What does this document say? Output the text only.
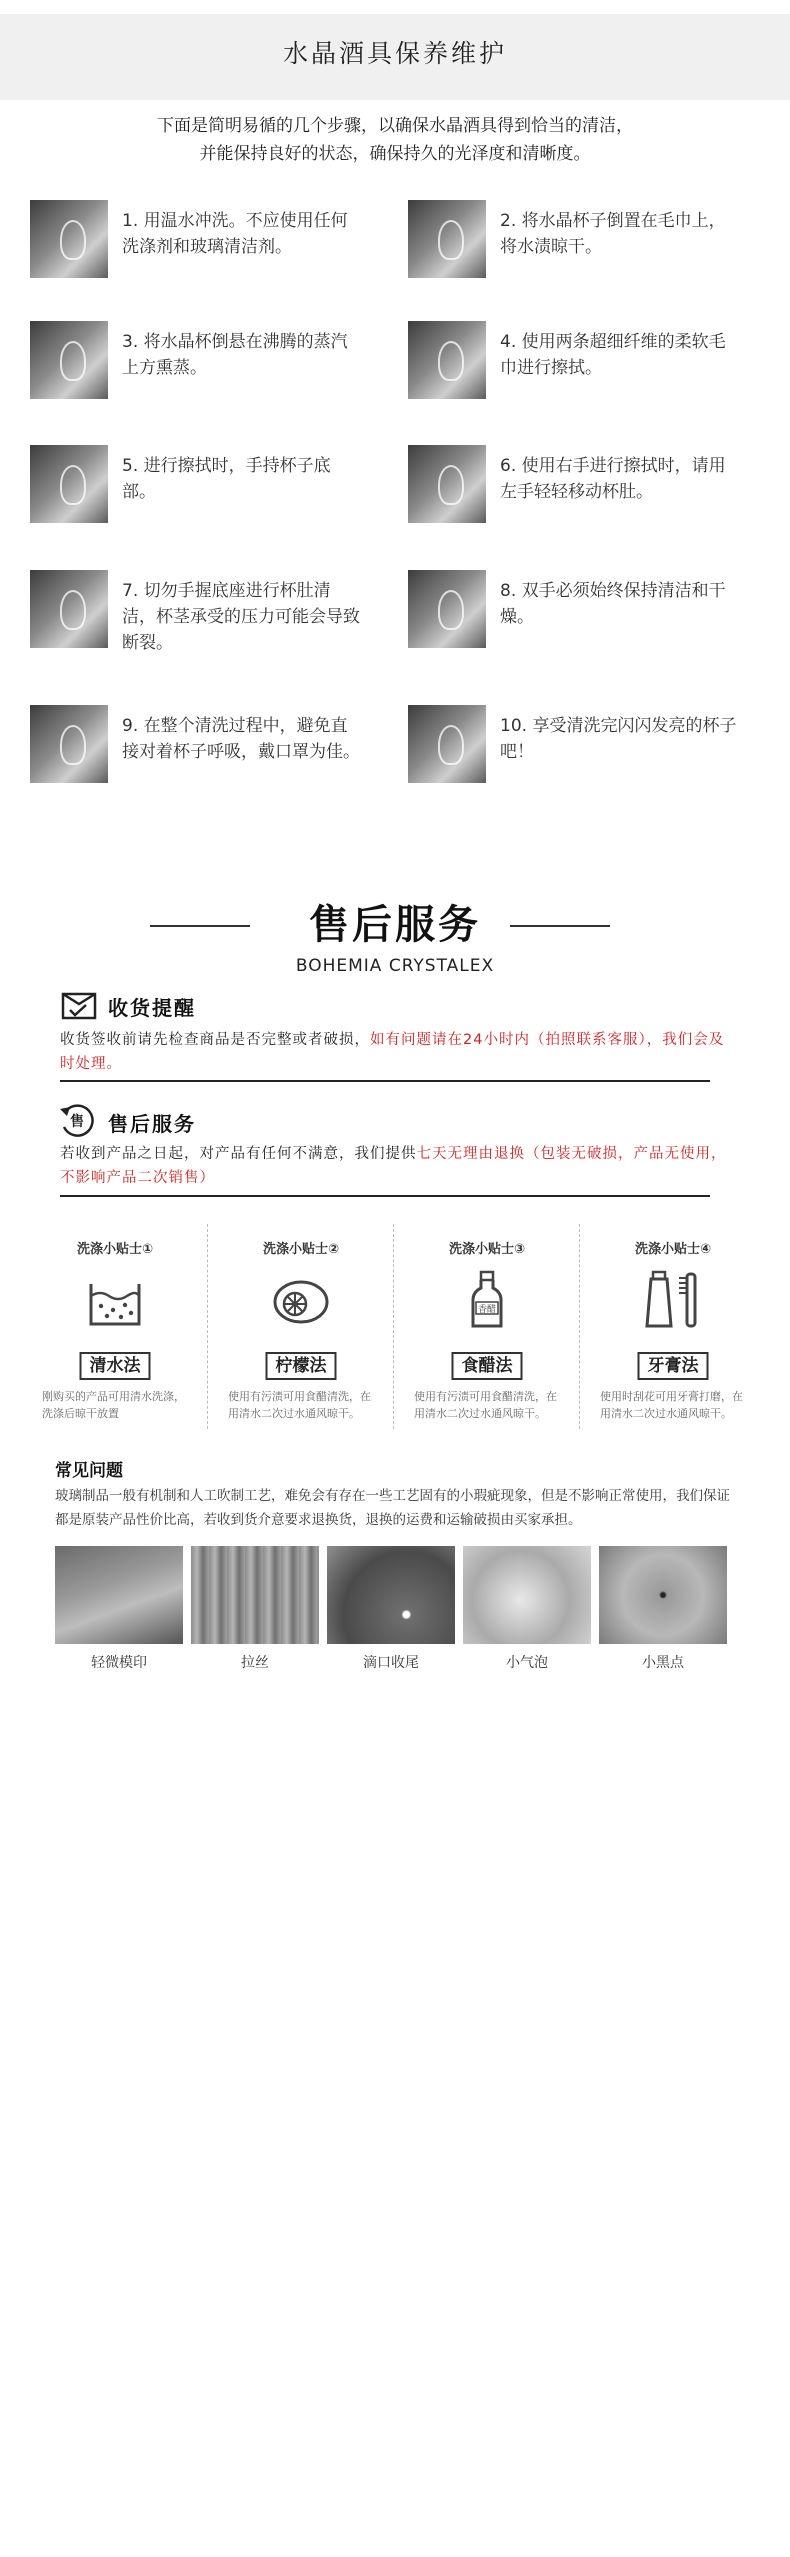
水晶酒具保养维护
下面是简明易循的几个步骤，以确保水晶酒具得到恰当的清洁，
并能保持良好的状态，确保持久的光泽度和清晰度。
1. 用温水冲洗。不应使用任何洗涤剂和玻璃清洁剂。
2. 将水晶杯子倒置在毛巾上，将水渍晾干。
3. 将水晶杯倒悬在沸腾的蒸汽上方熏蒸。
4. 使用两条超细纤维的柔软毛巾进行擦拭。
5. 进行擦拭时，手持杯子底部。
6. 使用右手进行擦拭时，请用左手轻轻移动杯肚。
7. 切勿手握底座进行杯肚清洁，杯茎承受的压力可能会导致断裂。
8. 双手必须始终保持清洁和干燥。
9. 在整个清洗过程中，避免直接对着杯子呼吸，戴口罩为佳。
10. 享受清洗完闪闪发亮的杯子吧！
售后服务
BOHEMIA CRYSTALEX
收货提醒
收货签收前请先检查商品是否完整或者破损，如有问题请在24小时内（拍照联系客服），我们会及时处理。
售 售后服务
若收到产品之日起，对产品有任何不满意，我们提供七天无理由退换（包装无破损，产品无使用，不影响产品二次销售）
洗涤小贴士①
清水法
刚购买的产品可用清水洗涤，洗涤后晾干放置
洗涤小贴士②
柠檬法
使用有污渍可用食醋清洗，在用清水二次过水通风晾干。
洗涤小贴士③
香醋
食醋法
使用有污渍可用食醋清洗，在用清水二次过水通风晾干。
洗涤小贴士④
牙膏法
使用时刮花可用牙膏打磨，在用清水二次过水通风晾干。
常见问题
玻璃制品一般有机制和人工吹制工艺，难免会有存在一些工艺固有的小瑕疵现象，但是不影响正常使用，我们保证都是原装产品性价比高，若收到货介意要求退换货，退换的运费和运输破损由买家承担。
轻微模印	拉丝	滴口收尾	小气泡	小黑点
